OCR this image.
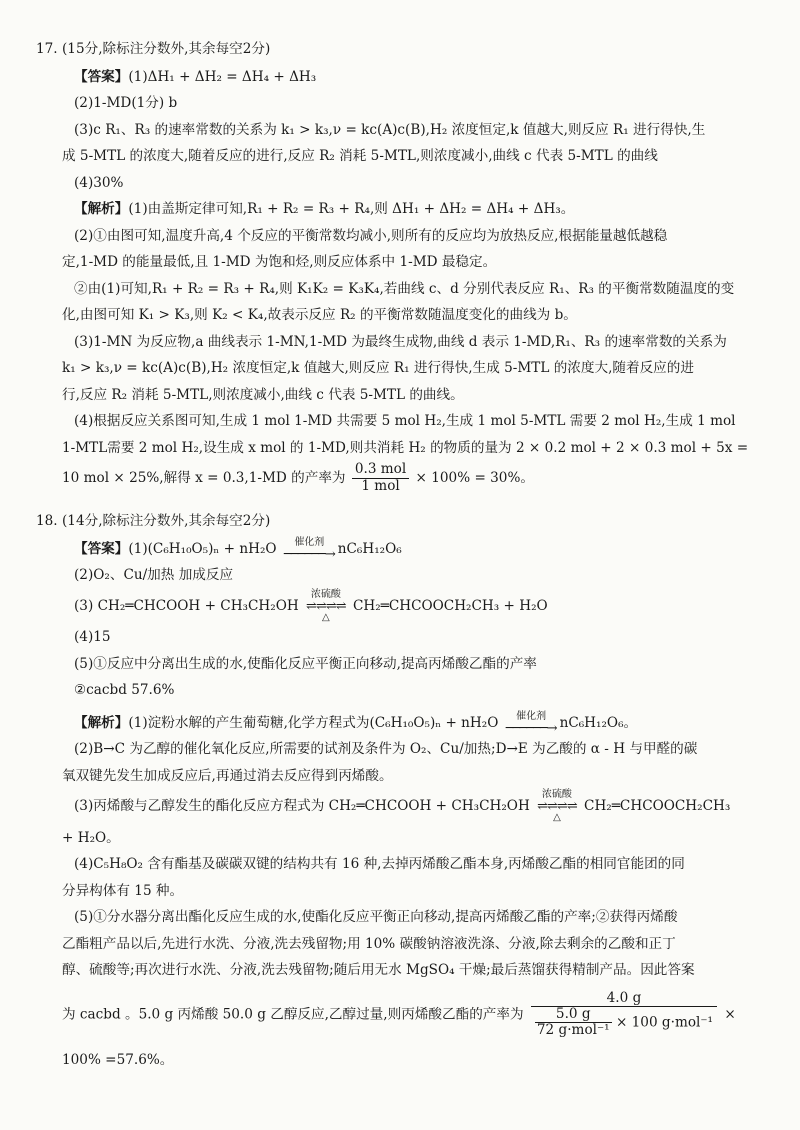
17. (15分,除标注分数外,其余每空2分)
【答案】(1)ΔH₁ + ΔH₂ = ΔH₄ + ΔH₃
(2)1-MD(1分) b
(3)c R₁、R₃ 的速率常数的关系为 k₁ > k₃,ν = kc(A)c(B),H₂ 浓度恒定,k 值越大,则反应 R₁ 进行得快,生
成 5-MTL 的浓度大,随着反应的进行,反应 R₂ 消耗 5-MTL,则浓度减小,曲线 c 代表 5-MTL 的曲线
(4)30%
【解析】(1)由盖斯定律可知,R₁ + R₂ = R₃ + R₄,则 ΔH₁ + ΔH₂ = ΔH₄ + ΔH₃。
(2)①由图可知,温度升高,4 个反应的平衡常数均减小,则所有的反应均为放热反应,根据能量越低越稳
定,1-MD 的能量最低,且 1-MD 为饱和烃,则反应体系中 1-MD 最稳定。
②由(1)可知,R₁ + R₂ = R₃ + R₄,则 K₁K₂ = K₃K₄,若曲线 c、d 分别代表反应 R₁、R₃ 的平衡常数随温度的变
化,由图可知 K₁ > K₃,则 K₂ < K₄,故表示反应 R₂ 的平衡常数随温度变化的曲线为 b。
(3)1-MN 为反应物,a 曲线表示 1-MN,1-MD 为最终生成物,曲线 d 表示 1-MD,R₁、R₃ 的速率常数的关系为
k₁ > k₃,ν = kc(A)c(B),H₂ 浓度恒定,k 值越大,则反应 R₁ 进行得快,生成 5-MTL 的浓度大,随着反应的进
行,反应 R₂ 消耗 5-MTL,则浓度减小,曲线 c 代表 5-MTL 的曲线。
(4)根据反应关系图可知,生成 1 mol 1-MD 共需要 5 mol H₂,生成 1 mol 5-MTL 需要 2 mol H₂,生成 1 mol
1-MTL需要 2 mol H₂,设生成 x mol 的 1-MD,则共消耗 H₂ 的物质的量为 2 × 0.2 mol + 2 × 0.3 mol + 5x =
10 mol × 25%,解得 x = 0.3,1-MD 的产率为 $\frac{\text{0.3 mol}}{\text{1 mol}} \times 100\% = 30\%$。
18. (14分,除标注分数外,其余每空2分)
【答案】(1)(C₆H₁₀O₅)ₙ + nH₂O	催化剂
──────→ nC₆H₁₂O₆
(2)O₂、Cu/加热 加成反应
(3) CH₂═CHCOOH + CH₃CH₂OH
浓硫酸
⇌⇌⇌⇌
△
CH₂═CHCOOCH₂CH₃ + H₂O
(4)15
(5)①反应中分离出生成的水,使酯化反应平衡正向移动,提高丙烯酸乙酯的产率
②cacbd 57.6%
【解析】(1)淀粉水解的产生葡萄糖,化学方程式为(C₆H₁₀O₅)ₙ + nH₂O	催化剂
──────→ nC₆H₁₂O₆。
(2)B→C 为乙醇的催化氧化反应,所需要的试剂及条件为 O₂、Cu/加热;D→E 为乙酸的 α - H 与甲醛的碳
氧双键先发生加成反应后,再通过消去反应得到丙烯酸。
(3)丙烯酸与乙醇发生的酯化反应方程式为 CH₂═CHCOOH + CH₃CH₂OH
浓硫酸
⇌⇌⇌⇌
△
CH₂═CHCOOCH₂CH₃
+ H₂O。
(4)C₅H₈O₂ 含有酯基及碳碳双键的结构共有 16 种,去掉丙烯酸乙酯本身,丙烯酸乙酯的相同官能团的同
分异构体有 15 种。
(5)①分水器分离出酯化反应生成的水,使酯化反应平衡正向移动,提高丙烯酸乙酯的产率;②获得丙烯酸
乙酯粗产品以后,先进行水洗、分液,洗去残留物;用 10% 碳酸钠溶液洗涤、分液,除去剩余的乙酸和正丁
醇、硫酸等;再次进行水洗、分液,洗去残留物;随后用无水 MgSO₄ 干燥;最后蒸馏获得精制产品。因此答案
为 cacbd 。5.0 g 丙烯酸 50.0 g 乙醇反应,乙醇过量,则丙烯酸乙酯的产率为 $\frac{4.0 g}{\frac{5.0 g}{\text{72 g·mol⁻¹}} \times 100 g\cdot mol^{-1}}$ ×
100% =57.6%。
